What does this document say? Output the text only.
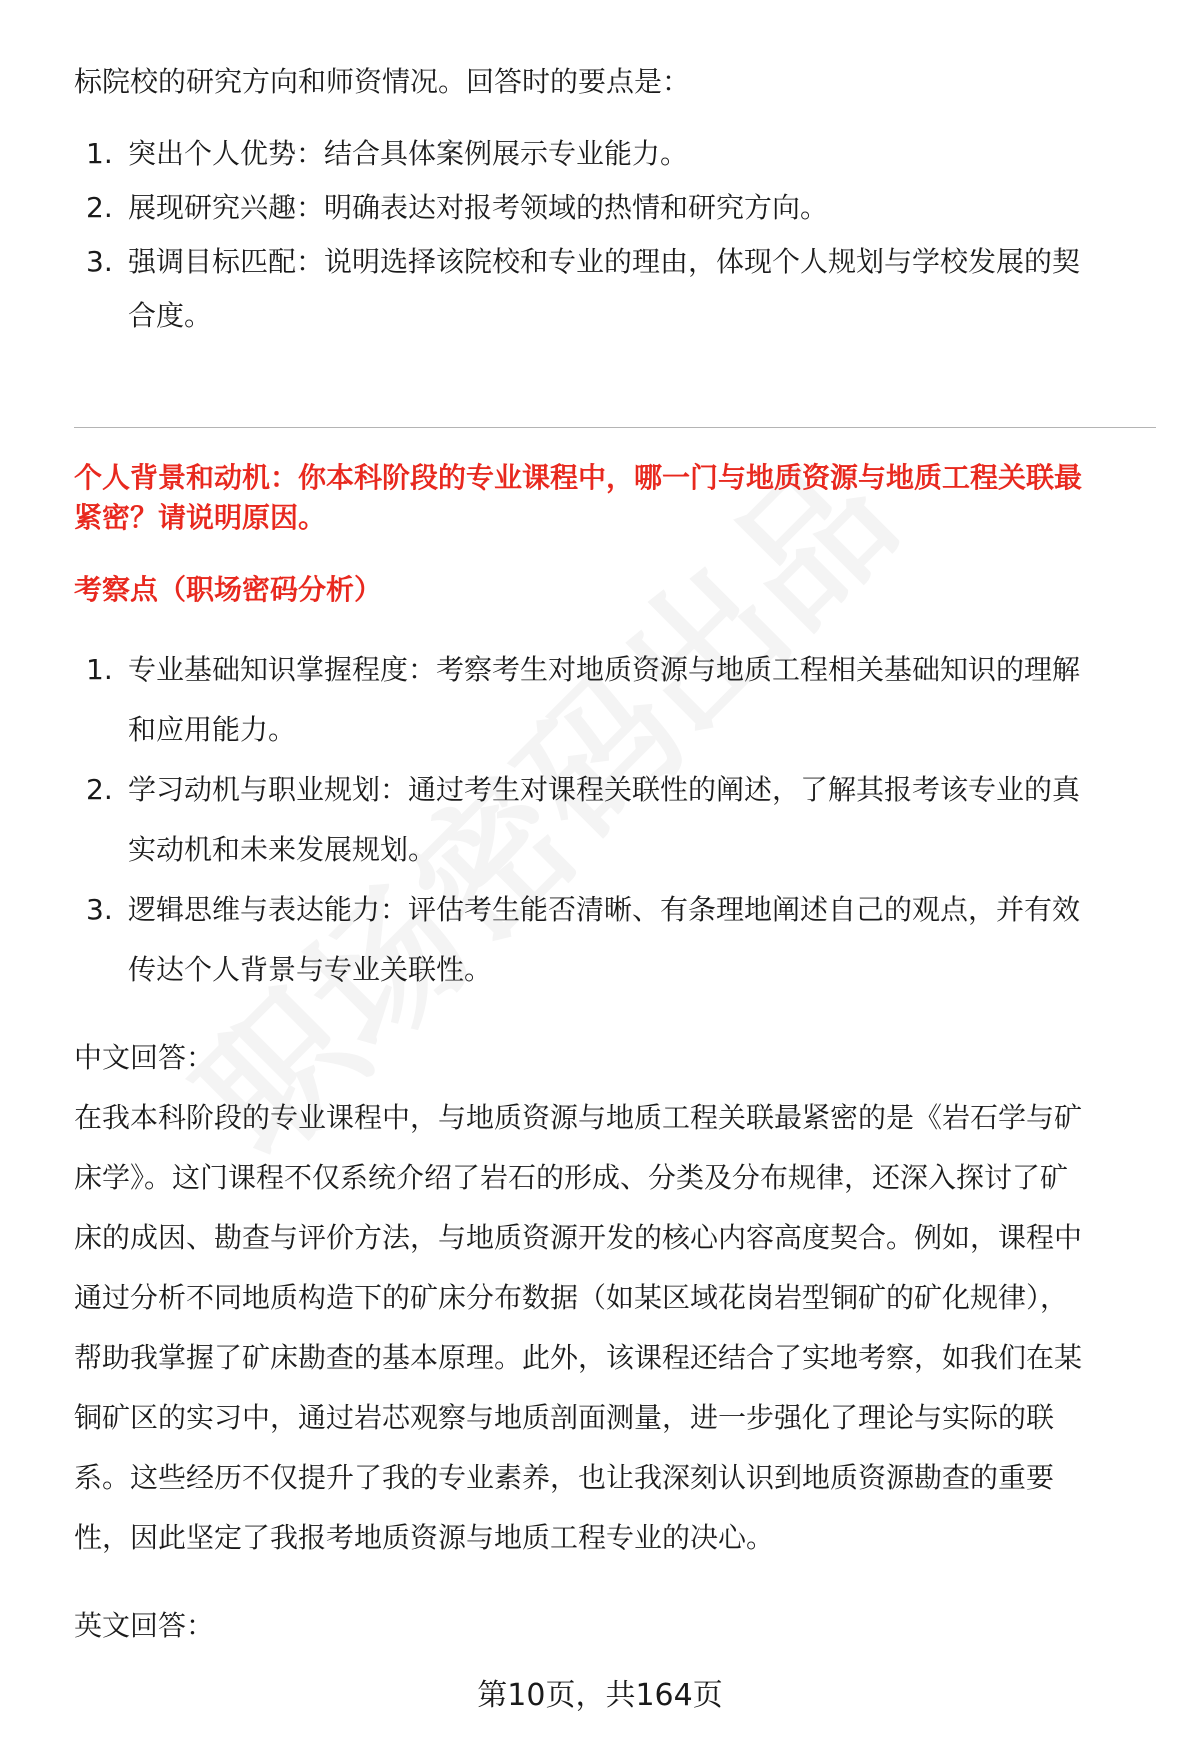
标院校的研究方向和师资情况。回答时的要点是：
1. 突出个人优势：结合具体案例展示专业能力。
2. 展现研究兴趣：明确表达对报考领域的热情和研究方向。
3. 强调目标匹配：说明选择该院校和专业的理由，体现个人规划与学校发展的契
合度。
个人背景和动机：你本科阶段的专业课程中，哪一门与地质资源与地质工程关联最
紧密？请说明原因。
考察点（职场密码分析）
1. 专业基础知识掌握程度：考察考生对地质资源与地质工程相关基础知识的理解
和应用能力。
2. 学习动机与职业规划：通过考生对课程关联性的阐述，了解其报考该专业的真
实动机和未来发展规划。
3. 逻辑思维与表达能力：评估考生能否清晰、有条理地阐述自己的观点，并有效
传达个人背景与专业关联性。
中文回答：
在我本科阶段的专业课程中，与地质资源与地质工程关联最紧密的是《岩石学与矿
床学》。这门课程不仅系统介绍了岩石的形成、分类及分布规律，还深入探讨了矿
床的成因、勘查与评价方法，与地质资源开发的核心内容高度契合。例如，课程中
通过分析不同地质构造下的矿床分布数据（如某区域花岗岩型铜矿的矿化规律），
帮助我掌握了矿床勘查的基本原理。此外，该课程还结合了实地考察，如我们在某
铜矿区的实习中，通过岩芯观察与地质剖面测量，进一步强化了理论与实际的联
系。这些经历不仅提升了我的专业素养，也让我深刻认识到地质资源勘查的重要
性，因此坚定了我报考地质资源与地质工程专业的决心。
英文回答：
第10页，共164页
